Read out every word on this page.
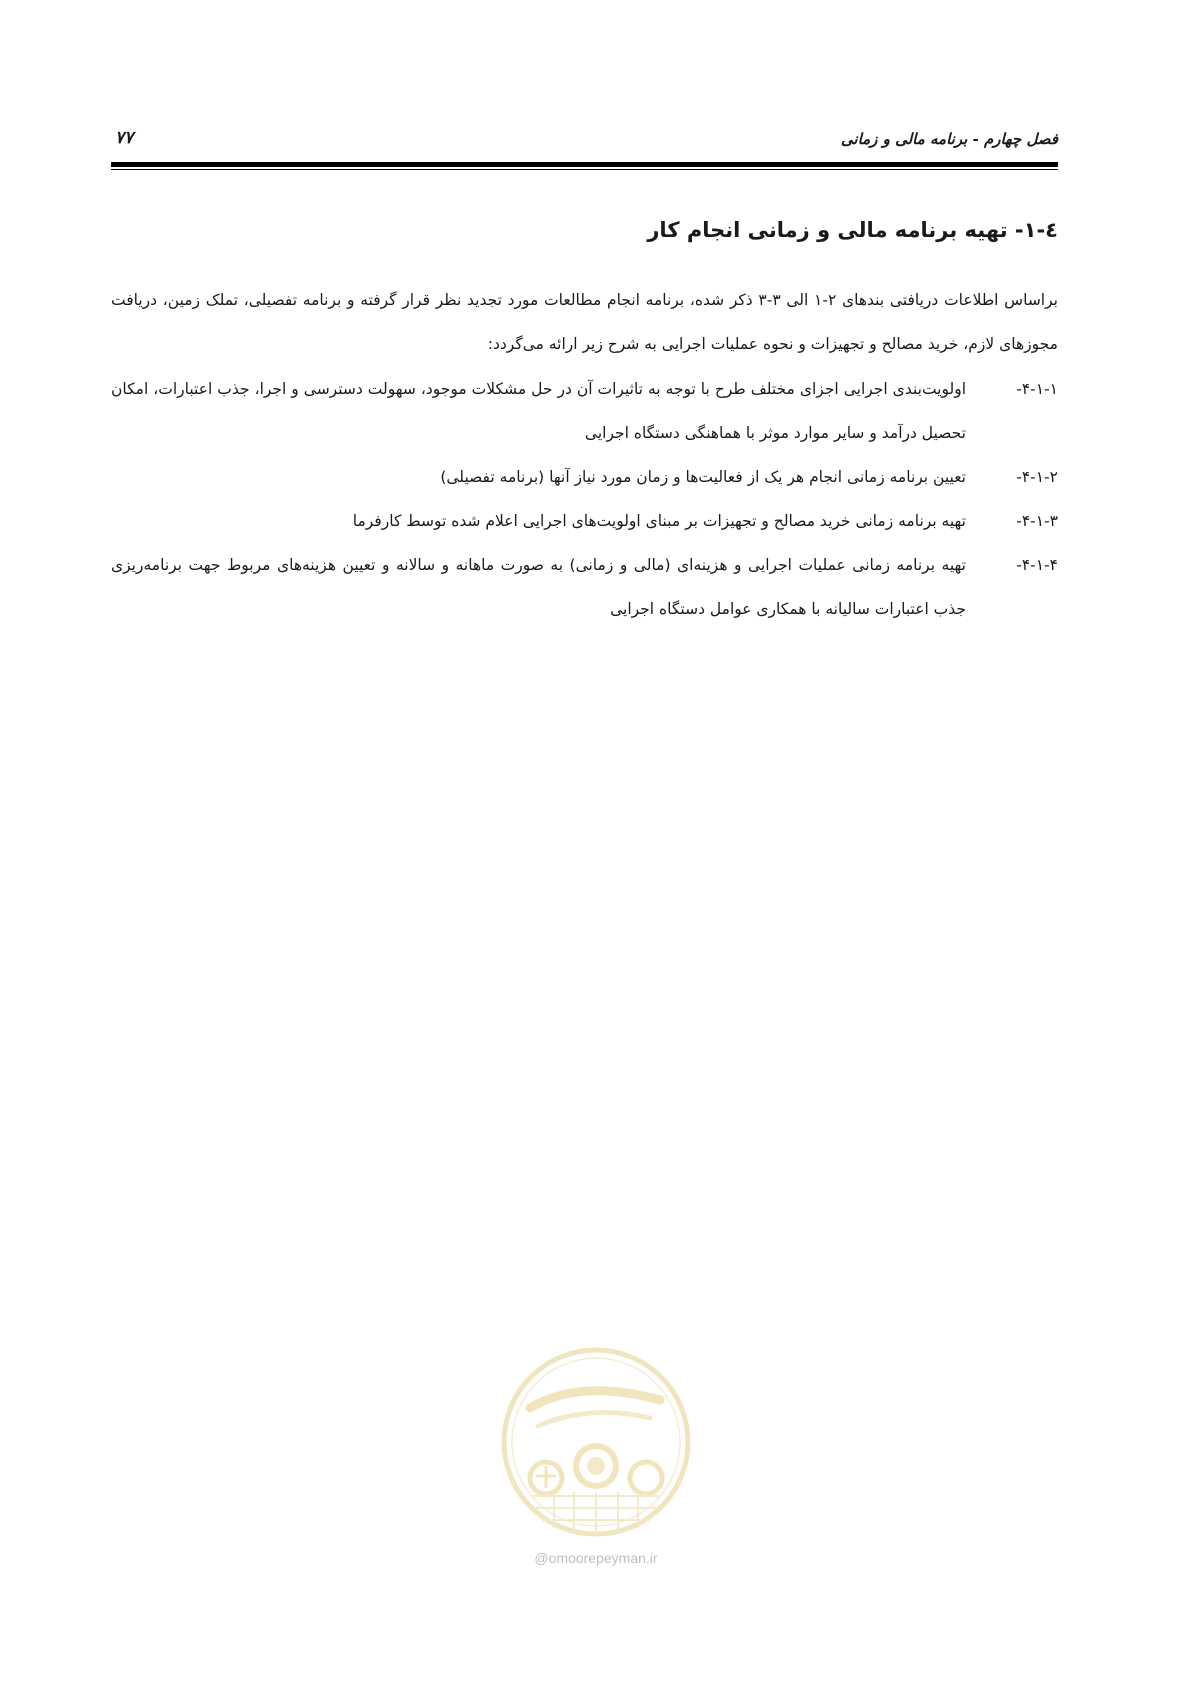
فصل چهارم - برنامه مالی و زمانی
۷۷
٤-١- تهیه برنامه مالی و زمانی انجام کار

براساس اطلاعات دریافتی بندهای ٢-١ الی ٣-٣ ذکر شده، برنامه انجام مطالعات مورد تجدید نظر قرار گرفته و برنامه تفصیلی، تملک زمین، دریافت مجوزهای لازم، خرید مصالح و تجهیزات و نحوه عملیات اجرایی به شرح زیر ارائه می‌گردد:

۴-۱-۱-
اولویت‌بندی اجرایی اجزای مختلف طرح با توجه به تاثیرات آن در حل مشکلات موجود، سهولت دسترسی و اجرا، جذب اعتبارات، امکان تحصیل درآمد و سایر موارد موثر با هماهنگی دستگاه اجرایی
۴-۱-۲-
تعیین برنامه زمانی انجام هر یک از فعالیت‌ها و زمان مورد نیاز آنها (برنامه تفصیلی)
۴-۱-۳-
تهیه برنامه زمانی خرید مصالح و تجهیزات بر مبنای اولویت‌های اجرایی اعلام شده توسط کارفرما
۴-۱-۴-
تهیه برنامه زمانی عملیات اجرایی و هزینه‌ای (مالی و زمانی) به صورت ماهانه و سالانه و تعیین هزینه‌های مربوط جهت برنامه‌ریزی جذب اعتبارات سالیانه با همکاری عوامل دستگاه اجرایی
@omoorepeyman.ir
